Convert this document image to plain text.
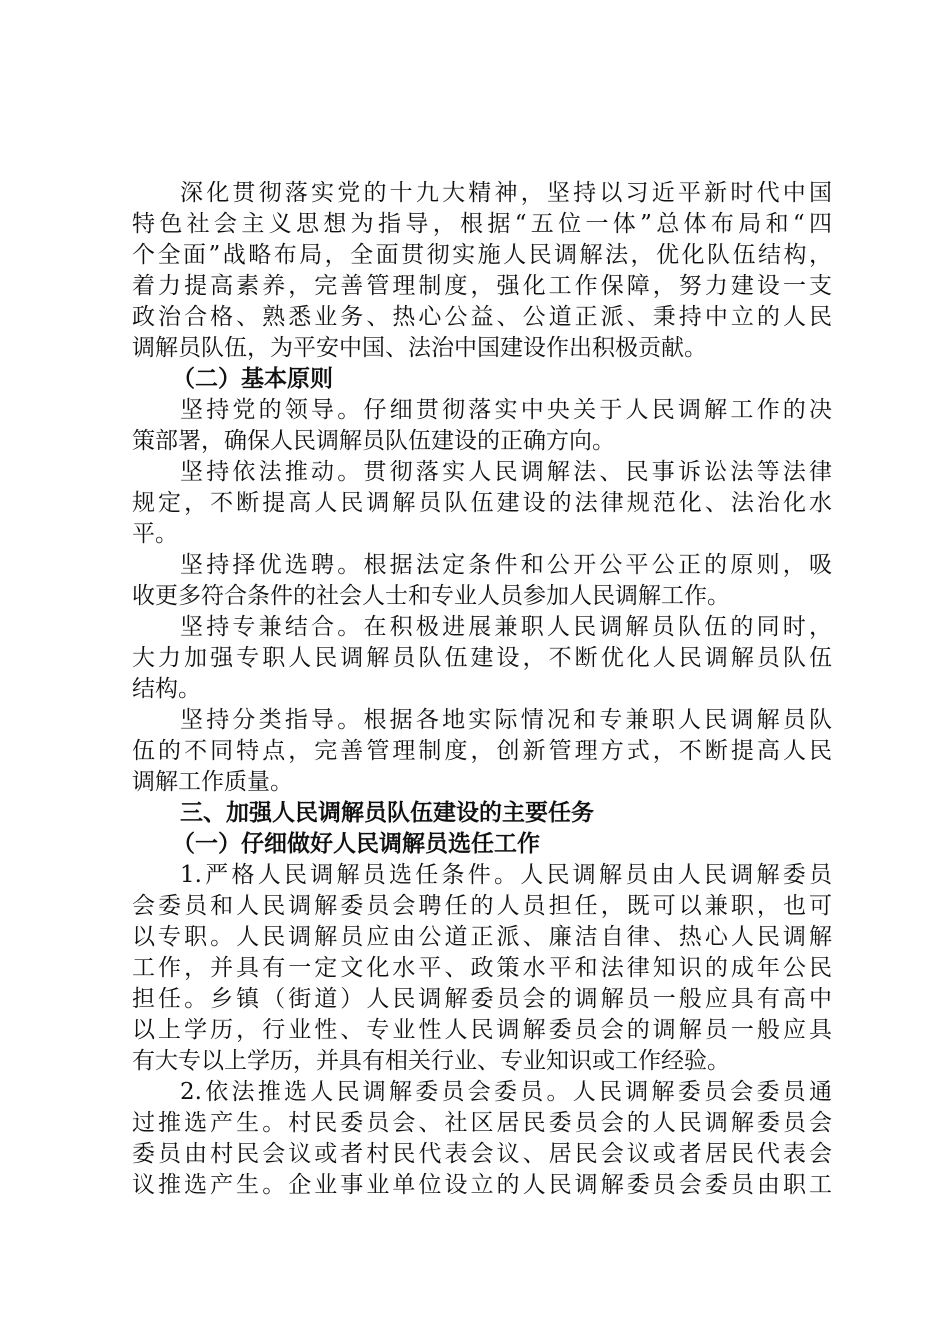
深化贯彻落实党的十九大精神，坚持以习近平新时代中国
特色社会主义思想为指导，根据“五位一体”总体布局和“四
个全面”战略布局，全面贯彻实施人民调解法，优化队伍结构，
着力提高素养，完善管理制度，强化工作保障，努力建设一支
政治合格、熟悉业务、热心公益、公道正派、秉持中立的人民
调解员队伍，为平安中国、法治中国建设作出积极贡献。
（二）基本原则
坚持党的领导。仔细贯彻落实中央关于人民调解工作的决
策部署，确保人民调解员队伍建设的正确方向。
坚持依法推动。贯彻落实人民调解法、民事诉讼法等法律
规定，不断提高人民调解员队伍建设的法律规范化、法治化水
平。
坚持择优选聘。根据法定条件和公开公平公正的原则，吸
收更多符合条件的社会人士和专业人员参加人民调解工作。
坚持专兼结合。在积极进展兼职人民调解员队伍的同时，
大力加强专职人民调解员队伍建设，不断优化人民调解员队伍
结构。
坚持分类指导。根据各地实际情况和专兼职人民调解员队
伍的不同特点，完善管理制度，创新管理方式，不断提高人民
调解工作质量。
三、加强人民调解员队伍建设的主要任务
（一）仔细做好人民调解员选任工作
1.严格人民调解员选任条件。人民调解员由人民调解委员
会委员和人民调解委员会聘任的人员担任，既可以兼职，也可
以专职。人民调解员应由公道正派、廉洁自律、热心人民调解
工作，并具有一定文化水平、政策水平和法律知识的成年公民
担任。乡镇（街道）人民调解委员会的调解员一般应具有高中
以上学历，行业性、专业性人民调解委员会的调解员一般应具
有大专以上学历，并具有相关行业、专业知识或工作经验。
2.依法推选人民调解委员会委员。人民调解委员会委员通
过推选产生。村民委员会、社区居民委员会的人民调解委员会
委员由村民会议或者村民代表会议、居民会议或者居民代表会
议推选产生。企业事业单位设立的人民调解委员会委员由职工
